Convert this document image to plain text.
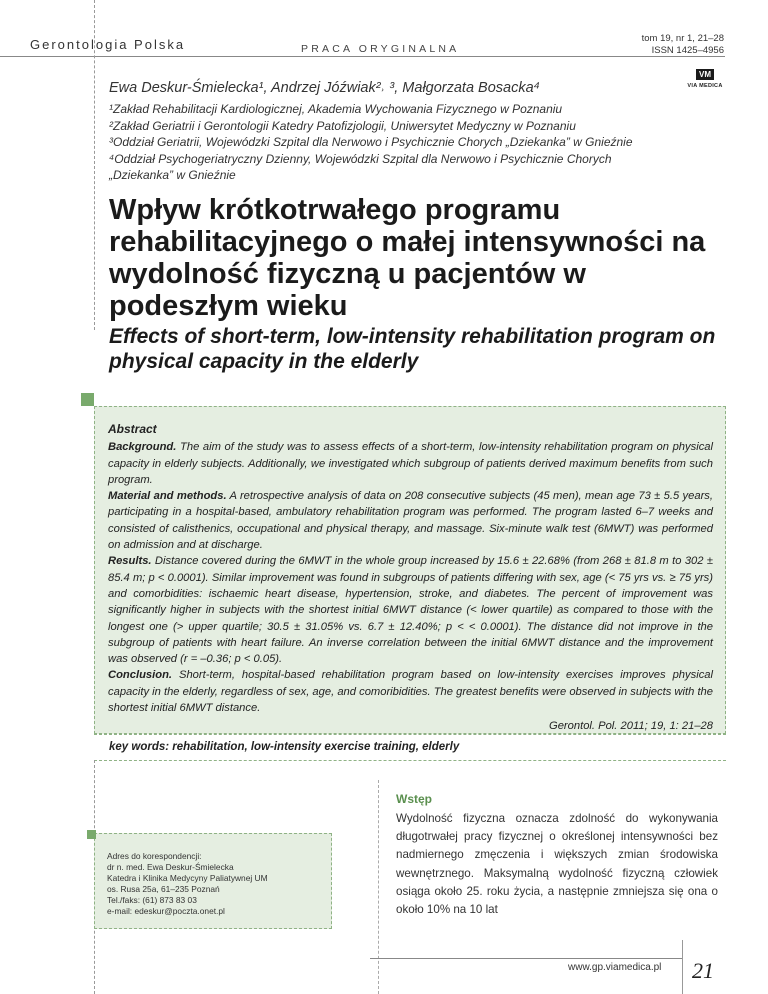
Gerontologia Polska	PRACA ORYGINALNA
tom 19, nr 1, 21–28
ISSN 1425–4956
VM
VIA MEDICA
Ewa Deskur-Śmielecka¹, Andrzej Jóźwiak²˒ ³, Małgorzata Bosacka⁴
¹Zakład Rehabilitacji Kardiologicznej, Akademia Wychowania Fizycznego w Poznaniu
²Zakład Geriatrii i Gerontologii Katedry Patofizjologii, Uniwersytet Medyczny w Poznaniu
³Oddział Geriatrii, Wojewódzki Szpital dla Nerwowo i Psychicznie Chorych „Dziekanka” w Gnieźnie
⁴Oddział Psychogeriatryczny Dzienny, Wojewódzki Szpital dla Nerwowo i Psychicznie Chorych
„Dziekanka” w Gnieźnie
Wpływ krótkotrwałego programu rehabilitacyjnego o małej intensywności na wydolność fizyczną u pacjentów w podeszłym wieku
Effects of short-term, low-intensity rehabilitation program on physical capacity in the elderly
Abstract
Background. The aim of the study was to assess effects of a short-term, low-intensity rehabilitation program on physical capacity in elderly subjects. Additionally, we investigated which subgroup of patients derived maximum benefits from such program.
Material and methods. A retrospective analysis of data on 208 consecutive subjects (45 men), mean age 73 ± 5.5 years, participating in a hospital-based, ambulatory rehabilitation program was performed. The program lasted 6–7 weeks and consisted of calisthenics, occupational and physical therapy, and massage. Six-minute walk test (6MWT) was performed on admission and at discharge.
Results. Distance covered during the 6MWT in the whole group increased by 15.6 ± 22.68% (from 268 ± 81.8 m to 302 ± 85.4 m; p < 0.0001). Similar improvement was found in subgroups of patients differing with sex, age (< 75 yrs vs. ≥ 75 yrs) and comorbidities: ischaemic heart disease, hypertension, stroke, and diabetes. The percent of improvement was significantly higher in subjects with the shortest initial 6MWT distance (< lower quartile) as compared to those with the longest one (> upper quartile; 30.5 ± 31.05% vs. 6.7 ± 12.40%; p < < 0.0001). The distance did not improve in the subgroup of patients with heart failure. An inverse correlation between the initial 6MWT distance and the improvement was observed (r = –0.36; p < 0.05).
Conclusion. Short-term, hospital-based rehabilitation program based on low-intensity exercises improves physical capacity in the elderly, regardless of sex, age, and comoribidities. The greatest benefits were observed in subjects with the shortest initial 6MWT distance.
Gerontol. Pol. 2011; 19, 1: 21–28
key words: rehabilitation, low-intensity exercise training, elderly
Adres do korespondencji:
dr n. med. Ewa Deskur-Śmielecka
Katedra i Klinika Medycyny Paliatywnej UM
os. Rusa 25a, 61–235 Poznań
Tel./faks: (61) 873 83 03
e-mail: edeskur@poczta.onet.pl
Wstęp
Wydolność fizyczna oznacza zdolność do wykonywania długotrwałej pracy fizycznej o określonej intensywności bez nadmiernego zmęczenia i większych zmian środowiska wewnętrznego. Maksymalną wydolność fizyczną człowiek osiąga około 25. roku życia, a następnie zmniejsza się ona o około 10% na 10 lat
www.gp.viamedica.pl 21
